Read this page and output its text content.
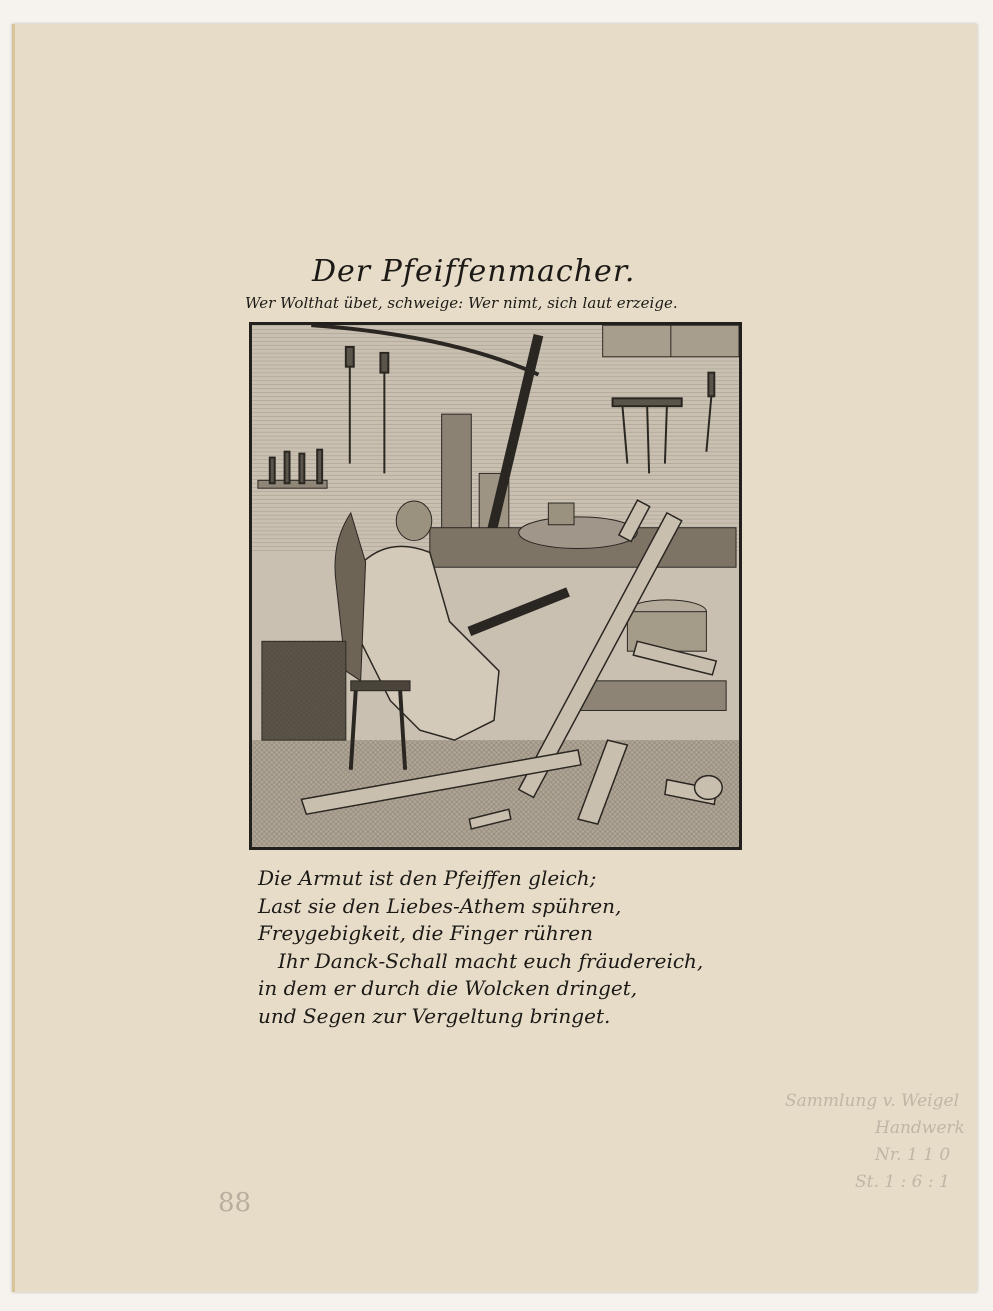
Der Pfeiffenmacher.
Wer Wolthat übet, schweige: Wer nimt, sich laut erzeige.
Die Armut ist den Pfeiffen gleich;
Last sie den Liebes-Athem spühren,
Freygebigkeit, die Finger rühren
Ihr Danck-Schall macht euch fräudereich,
in dem er durch die Wolcken dringet,
und Segen zur Vergeltung bringet.
Sammlung v. Weigel
Handwerk
Nr. 1 1 0
St. 1 : 6 : 1
88
